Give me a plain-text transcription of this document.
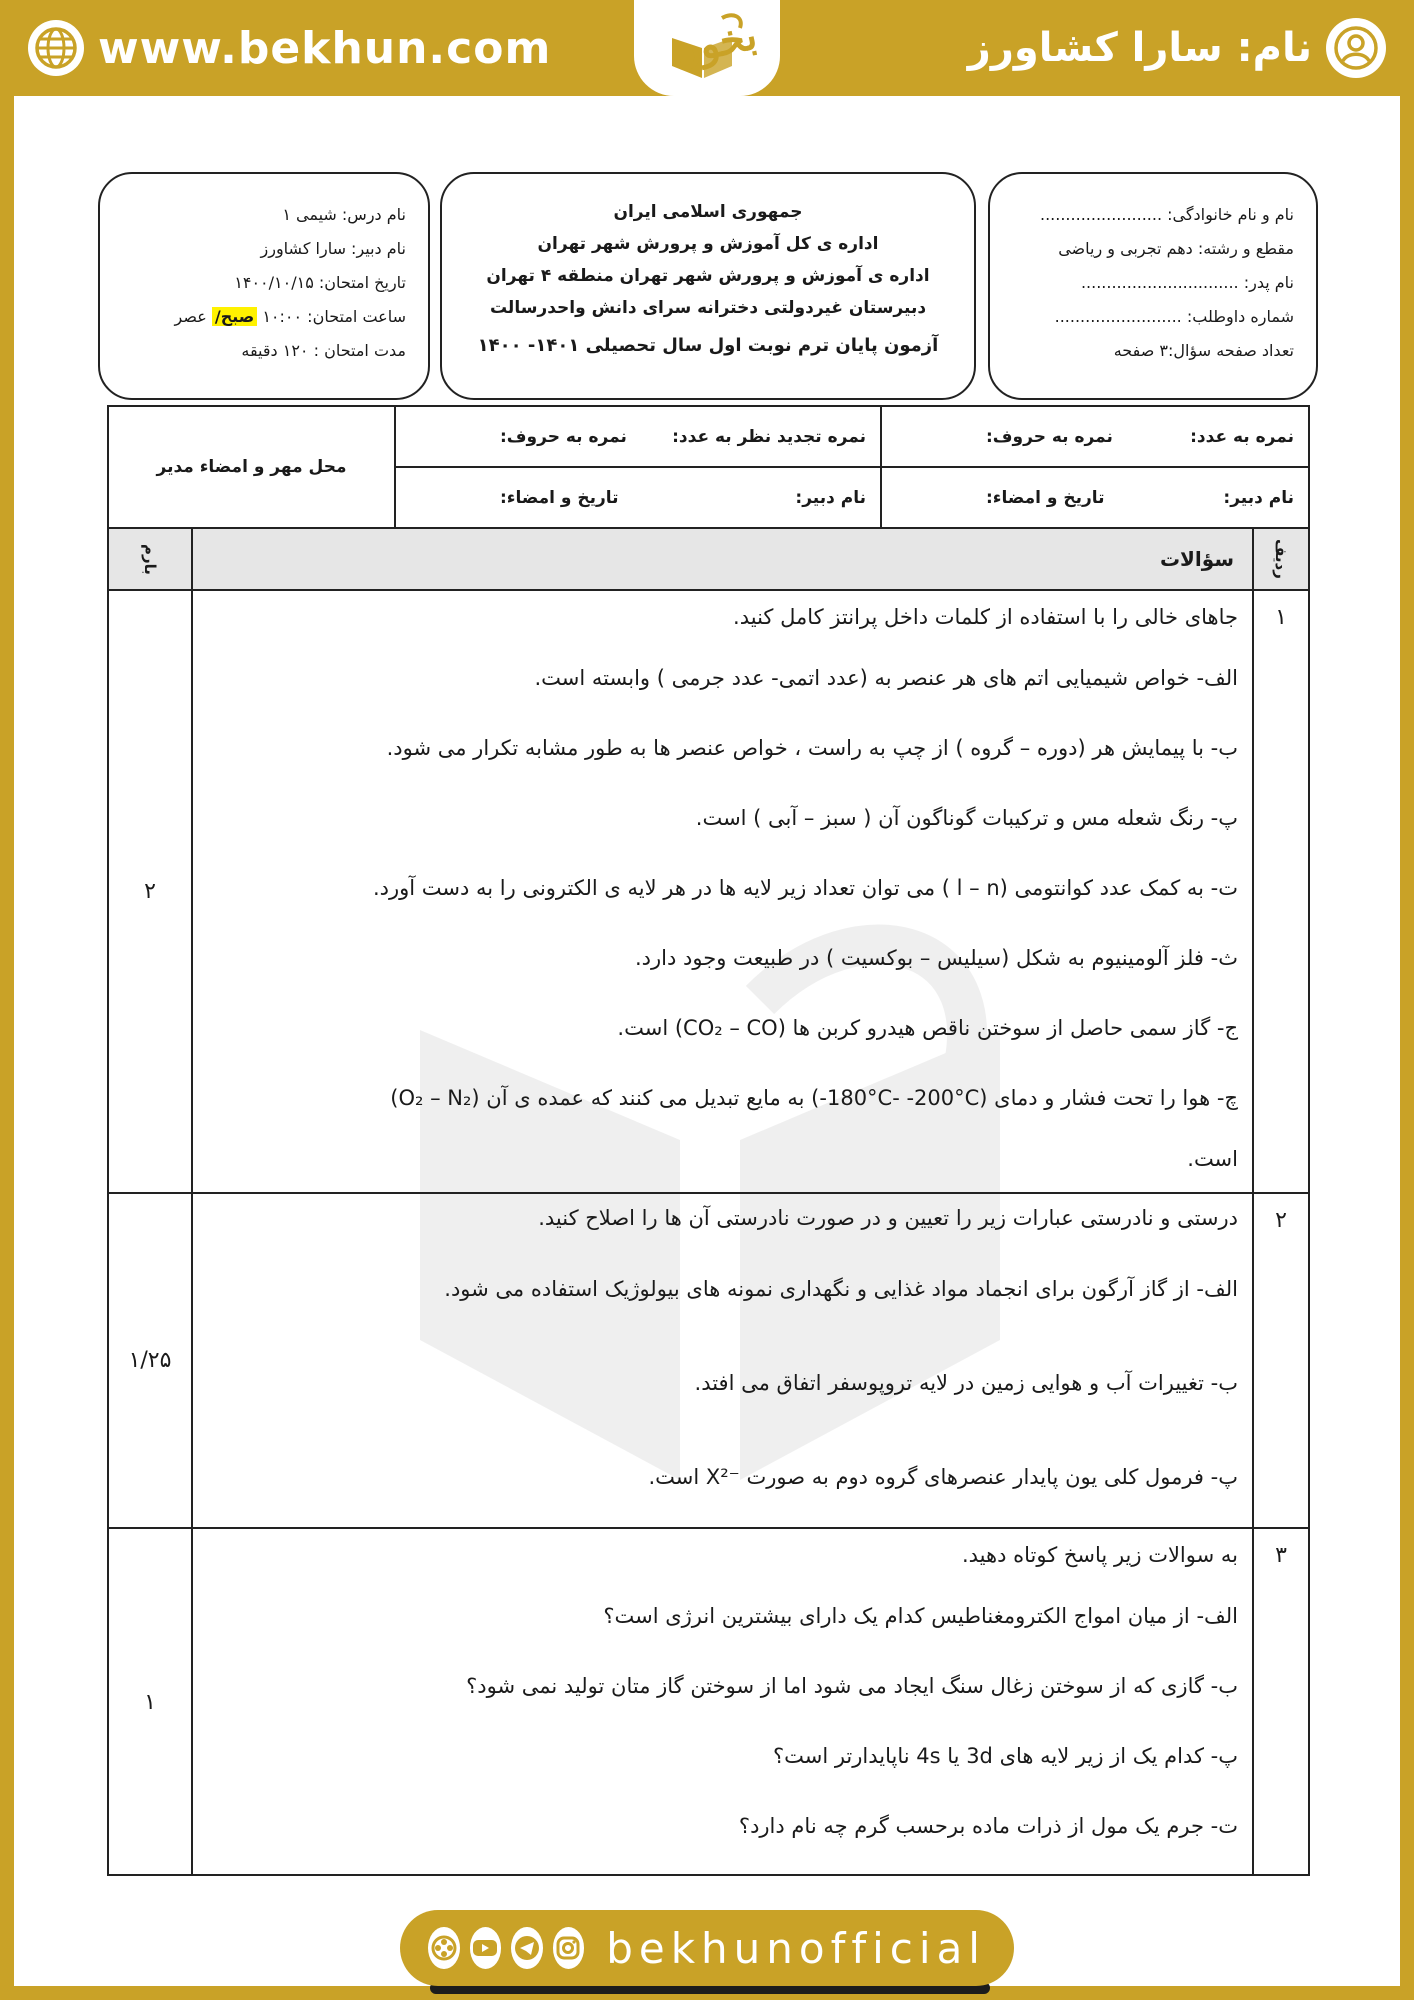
www.bekhun.com	نام: سارا کشاورز
بخون
نام و نام خانوادگی: ........................
مقطع و رشته: دهم تجربی و ریاضی
نام پدر: ...............................
شماره داوطلب: .........................
تعداد صفحه سؤال:۳ صفحه
جمهوری اسلامی ایران
اداره ی کل آموزش و پرورش شهر تهران
اداره ی آموزش و پرورش شهر تهران منطقه ۴ تهران
دبیرستان غیردولتی دخترانه سرای دانش واحدرسالت
آزمون پایان ترم نوبت اول سال تحصیلی ۱۴۰۱- ۱۴۰۰
نام درس: شیمی ۱
نام دبیر: سارا کشاورز
تاریخ امتحان: ۱۴۰۰/۱۰/۱۵
ساعت امتحان: ۱۰:۰۰ صبح/ عصر
مدت امتحان : ۱۲۰ دقیقه
نمره به عدد:
نمره به حروف:
نام دبیر:
تاریخ و امضاء:
نمره تجدید نظر به عدد:
نمره به حروف:
نام دبیر:
تاریخ و امضاء:
محل مهر و امضاء مدیر
ردیف
سؤالات
بارم
۱
جاهای خالی را با استفاده از کلمات داخل پرانتز کامل کنید.
الف- خواص شیمیایی اتم های هر عنصر به (عدد اتمی- عدد جرمی ) وابسته است.
ب- با پیمایش هر (دوره – گروه ) از چپ به راست ، خواص عنصر ها به طور مشابه تکرار می شود.
پ- رنگ شعله مس و ترکیبات گوناگون آن ( سبز – آبی ) است.
ت- به کمک عدد کوانتومی (l – n ) می توان تعداد زیر لایه ها در هر لایه ی الکترونی را به دست آورد.
ث- فلز آلومینیوم به شکل (سیلیس – بوکسیت ) در طبیعت وجود دارد.
ج- گاز سمی حاصل از سوختن ناقص هیدرو کربن ها (CO₂ – CO) است.
چ- هوا را تحت فشار و دمای (‎-180°C- -200°C‎) به مایع تبدیل می کنند که عمده ی آن (O₂ – N₂)
است.
۲
۲
درستی و نادرستی عبارات زیر را تعیین و در صورت نادرستی آن ها را اصلاح کنید.
الف- از گاز آرگون برای انجماد مواد غذایی و نگهداری نمونه های بیولوژیک استفاده می شود.
ب- تغییرات آب و هوایی زمین در لایه تروپوسفر اتفاق می افتد.
پ- فرمول کلی یون پایدار عنصرهای گروه دوم به صورت ‎X²⁻‎ است.
۱/۲۵
۳
به سوالات زیر پاسخ کوتاه دهید.
الف- از میان امواج الکترومغناطیس کدام یک دارای بیشترین انرژی است؟
ب- گازی که از سوختن زغال سنگ ایجاد می شود اما از سوختن گاز متان تولید نمی شود؟
پ- کدام یک از زیر لایه های 3d یا 4s ناپایدارتر است؟
ت- جرم یک مول از ذرات ماده برحسب گرم چه نام دارد؟
۱
bekhunofficial
